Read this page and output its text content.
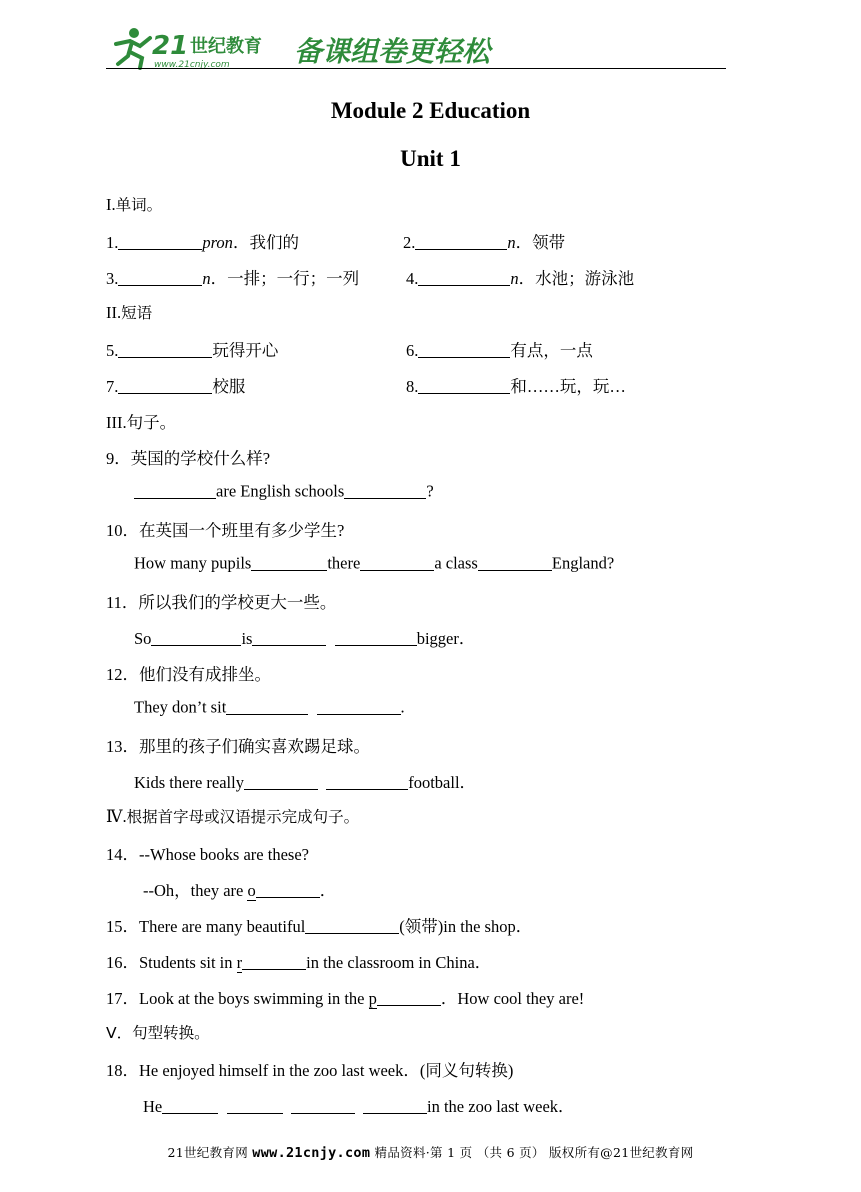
21 世纪教育
www.21cnjy.com 备课组卷更轻松
Module 2 Education
Unit 1
I.单词。
1.	pron．我们的	2.	n．领带
3.	n．一排；一行；一列	4.	n．水池；游泳池
II.短语
5.	玩得开心	6.	有点，一点
7.	校服	8.	和……玩，玩…
III.句子。
9．英国的学校什么样?
are English schools	?
10．在英国一个班里有多少学生?
How many pupils	there	a class	England?
11．所以我们的学校更大一些。
So	is	bigger．
12．他们没有成排坐。
They don’t sit	.
13．那里的孩子们确实喜欢踢足球。
Kids there really	football．
Ⅳ.根据首字母或汉语提示完成句子。
14．--Whose books are these?
--Oh，they are o	．
15．There are many beautiful	(领带)in the shop．
16．Students sit in r	in the classroom in China．
17．Look at the boys swimming in the p	．How cool they are!
V．句型转换。
18．He enjoyed himself in the zoo last week．(同义句转换)
He	in the zoo last week．
21世纪教育网 www.21cnjy.com 精品资料·第 1 页 （共 6 页） 版权所有@21世纪教育网
